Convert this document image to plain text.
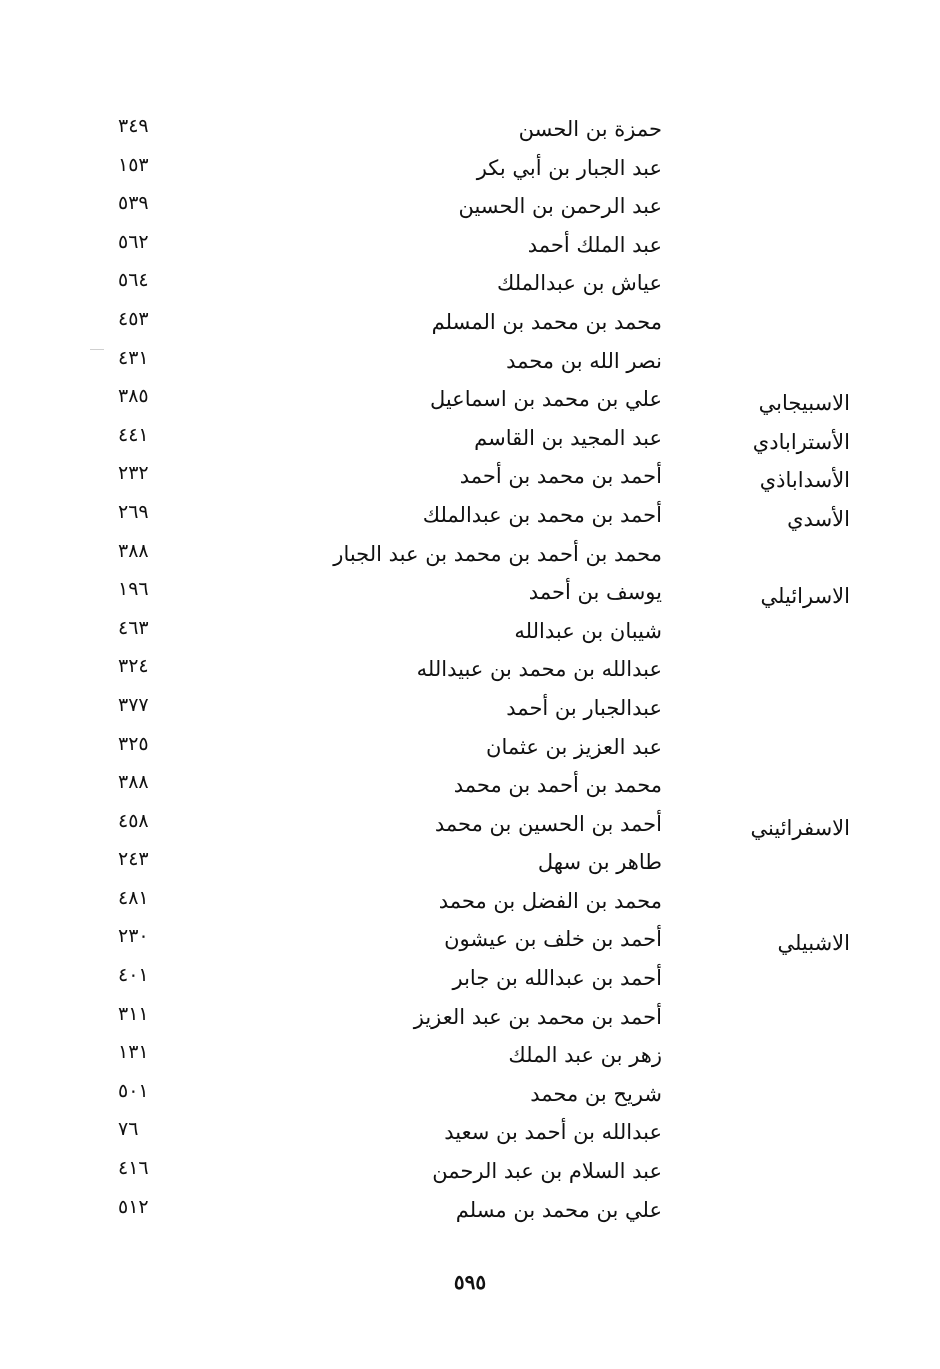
حمزة بن الحسن
٣٤٩
عبد الجبار بن أبي بكر
١٥٣
عبد الرحمن بن الحسين
٥٣٩
عبد الملك أحمد
٥٦٢
عياش بن عبدالملك
٥٦٤
محمد بن محمد بن المسلم
٤٥٣
نصر الله بن محمد
٤٣١
الاسبيجابي
علي بن محمد بن اسماعيل
٣٨٥
الأسترابادي
عبد المجيد بن القاسم
٤٤١
الأسداباذي
أحمد بن محمد بن أحمد
٢٣٢
الأسدي
أحمد بن محمد بن عبدالملك
٢٦٩
محمد بن أحمد بن محمد بن عبد الجبار
٣٨٨
الاسرائيلي
يوسف بن أحمد
١٩٦
شيبان بن عبدالله
٤٦٣
عبدالله بن محمد بن عبيدالله
٣٢٤
عبدالجبار بن أحمد
٣٧٧
عبد العزيز بن عثمان
٣٢٥
محمد بن أحمد بن محمد
٣٨٨
الاسفرائيني
أحمد بن الحسين بن محمد
٤٥٨
طاهر بن سهل
٢٤٣
محمد بن الفضل بن محمد
٤٨١
الاشبيلي
أحمد بن خلف بن عيشون
٢٣٠
أحمد بن عبدالله بن جابر
٤٠١
أحمد بن محمد بن عبد العزيز
٣١١
زهر بن عبد الملك
١٣١
شريح بن محمد
٥٠١
عبدالله بن أحمد بن سعيد
٧٦
عبد السلام بن عبد الرحمن
٤١٦
علي بن محمد بن مسلم
٥١٢
٥٩٥
